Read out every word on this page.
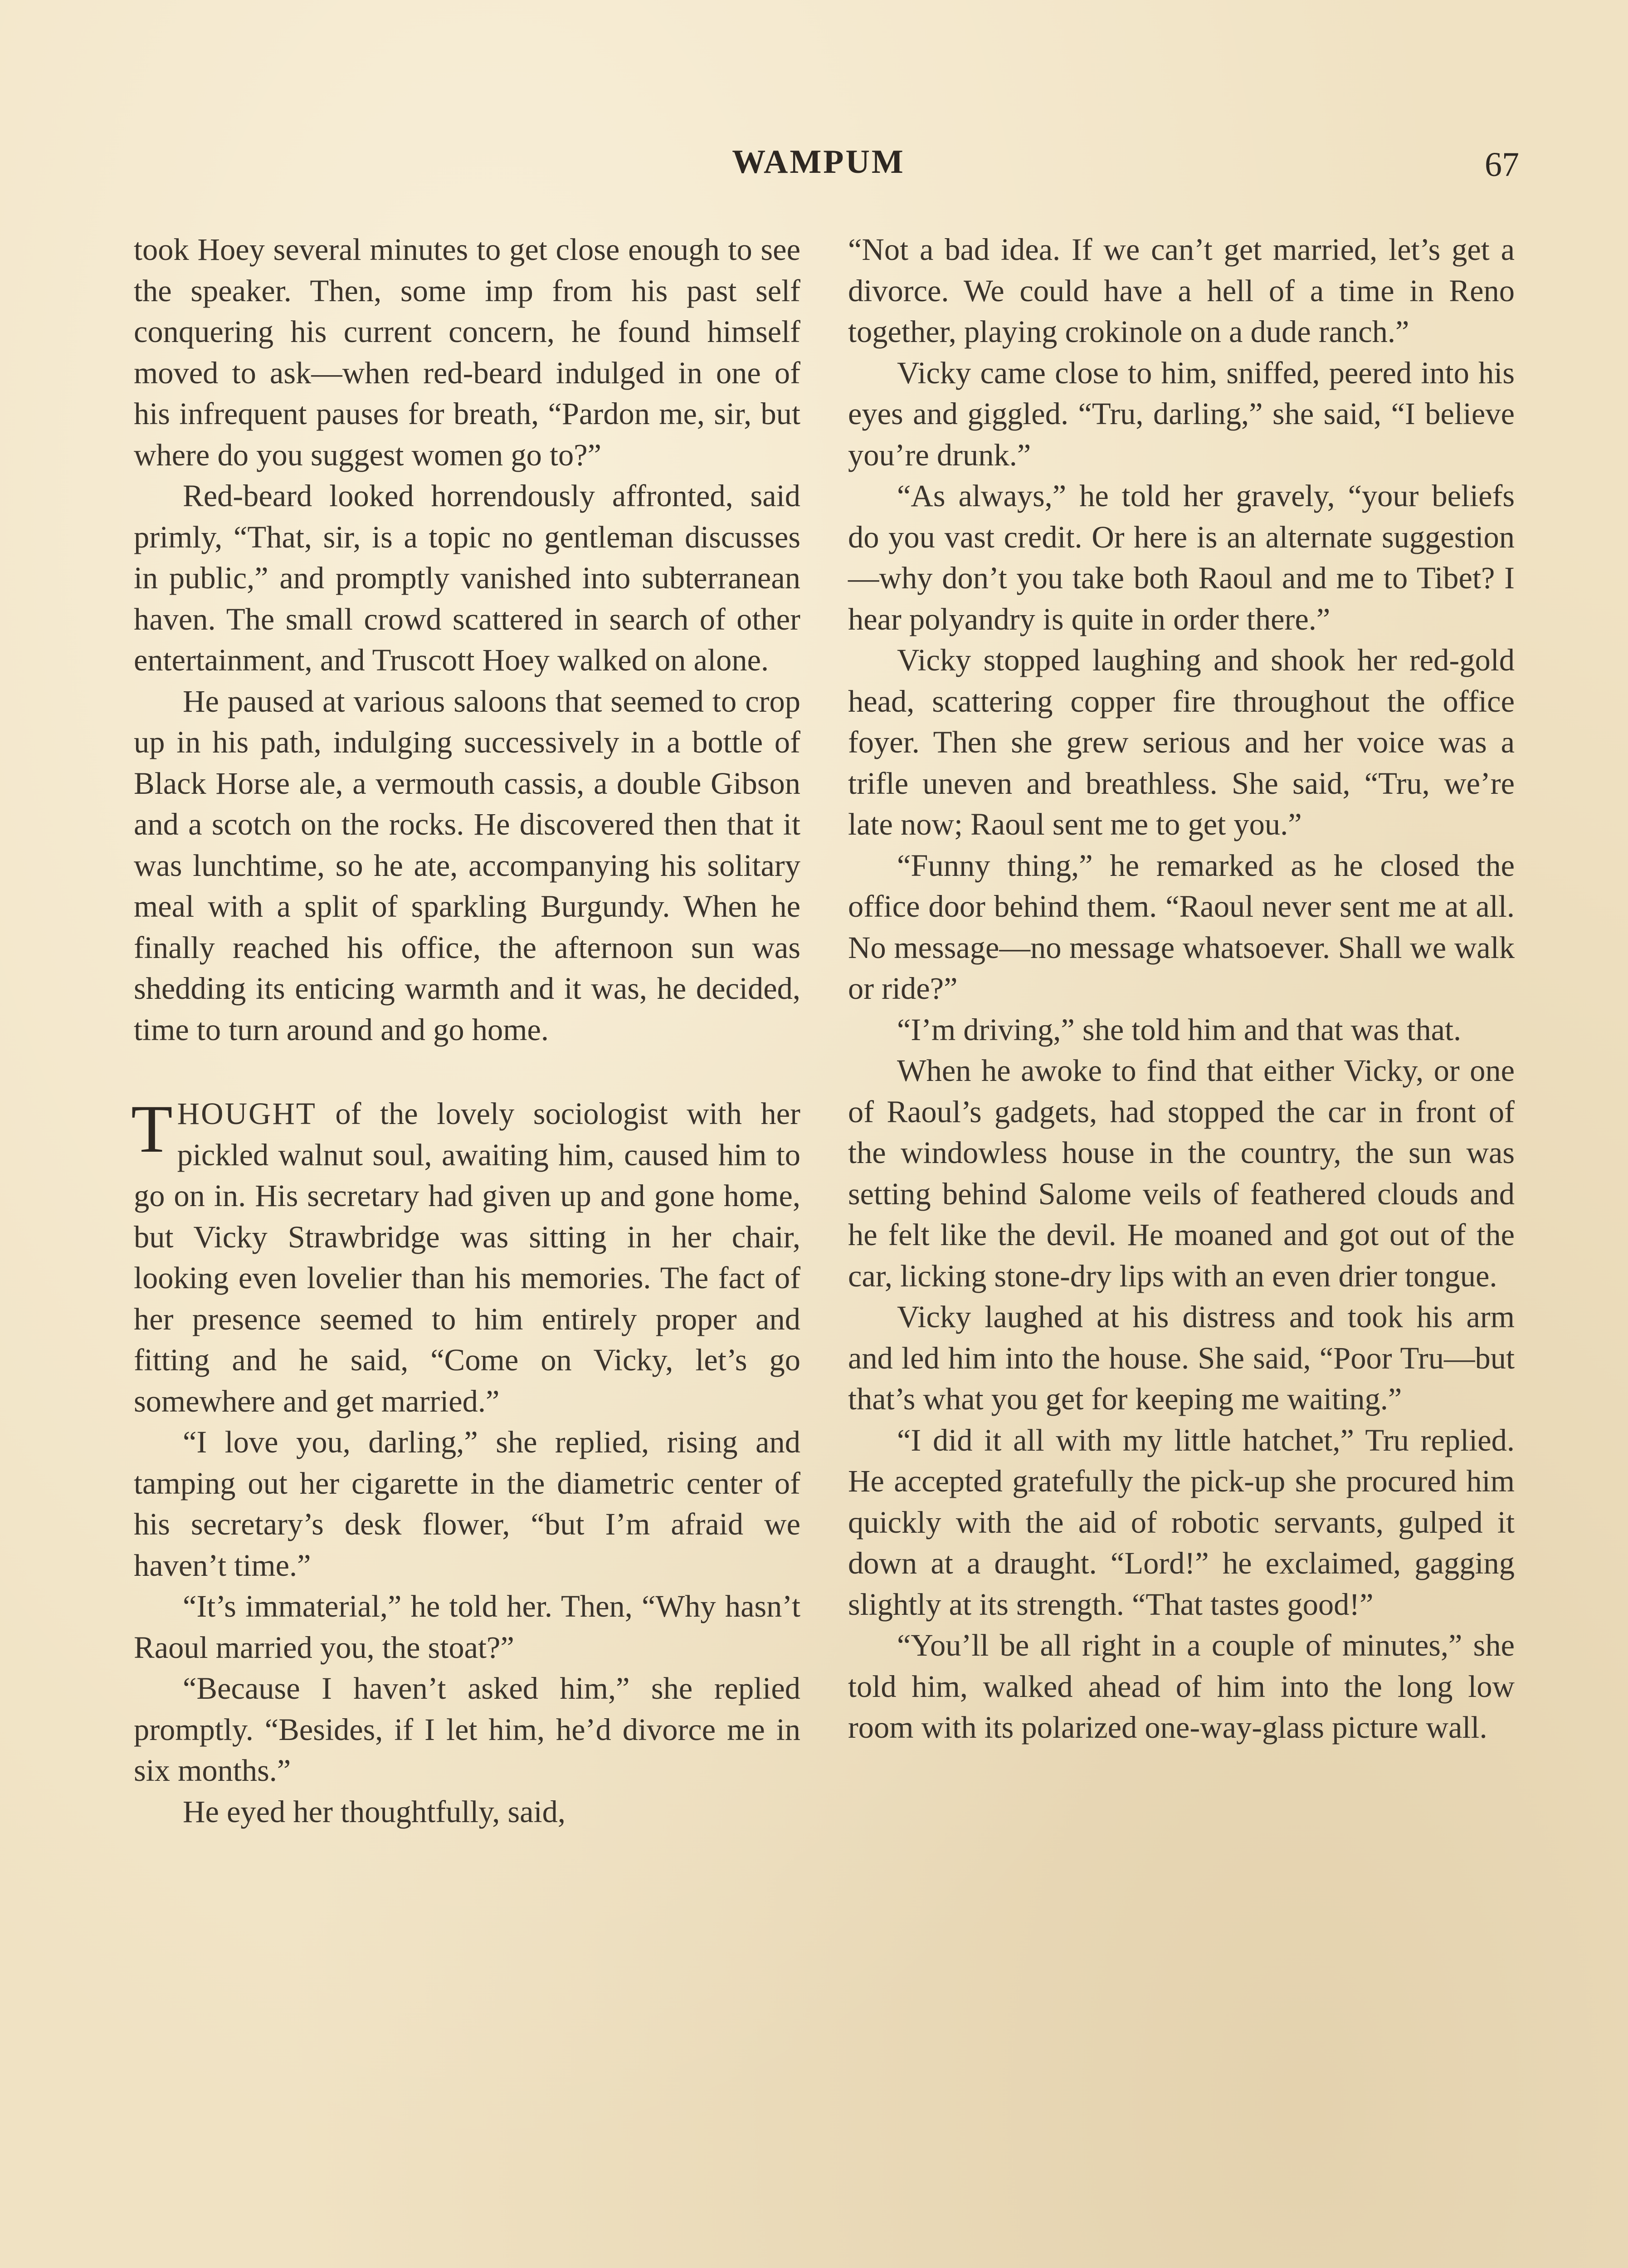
WAMPUM	67

took Hoey several minutes to get close enough to see the speaker. Then, some imp from his past self conquering his current concern, he found himself moved to ask—when red-beard indulged in one of his infrequent pauses for breath, “Pardon me, sir, but where do you suggest women go to?”

Red-beard looked horrendously affronted, said primly, “That, sir, is a topic no gentleman discusses in public,” and promptly vanished into subterranean haven. The small crowd scattered in search of other entertainment, and Truscott Hoey walked on alone.

He paused at various saloons that seemed to crop up in his path, indulging successively in a bottle of Black Horse ale, a vermouth cassis, a double Gibson and a scotch on the rocks. He discovered then that it was lunchtime, so he ate, accompanying his solitary meal with a split of sparkling Burgundy. When he finally reached his office, the afternoon sun was shedding its enticing warmth and it was, he decided, time to turn around and go home.

THOUGHT of the lovely sociologist with her pickled walnut soul, awaiting him, caused him to go on in. His secretary had given up and gone home, but Vicky Strawbridge was sitting in her chair, looking even lovelier than his memories. The fact of her presence seemed to him entirely proper and fitting and he said, “Come on Vicky, let’s go somewhere and get married.”

“I love you, darling,” she replied, rising and tamping out her cigarette in the diametric center of his secretary’s desk flower, “but I’m afraid we haven’t time.”

“It’s immaterial,” he told her. Then, “Why hasn’t Raoul married you, the stoat?”

“Because I haven’t asked him,” she replied promptly. “Besides, if I let him, he’d divorce me in six months.”

He eyed her thoughtfully, said,

“Not a bad idea. If we can’t get married, let’s get a divorce. We could have a hell of a time in Reno together, playing crokinole on a dude ranch.”

Vicky came close to him, sniffed, peered into his eyes and giggled. “Tru, darling,” she said, “I believe you’re drunk.”

“As always,” he told her gravely, “your beliefs do you vast credit. Or here is an alternate suggestion—why don’t you take both Raoul and me to Tibet? I hear polyandry is quite in order there.”

Vicky stopped laughing and shook her red-gold head, scattering copper fire throughout the office foyer. Then she grew serious and her voice was a trifle uneven and breathless. She said, “Tru, we’re late now; Raoul sent me to get you.”

“Funny thing,” he remarked as he closed the office door behind them. “Raoul never sent me at all. No message—no message whatsoever. Shall we walk or ride?”

“I’m driving,” she told him and that was that.

When he awoke to find that either Vicky, or one of Raoul’s gadgets, had stopped the car in front of the windowless house in the country, the sun was setting behind Salome veils of feathered clouds and he felt like the devil. He moaned and got out of the car, licking stone-dry lips with an even drier tongue.

Vicky laughed at his distress and took his arm and led him into the house. She said, “Poor Tru—but that’s what you get for keeping me waiting.”

“I did it all with my little hatchet,” Tru replied. He accepted gratefully the pick-up she procured him quickly with the aid of robotic servants, gulped it down at a draught. “Lord!” he exclaimed, gagging slightly at its strength. “That tastes good!”

“You’ll be all right in a couple of minutes,” she told him, walked ahead of him into the long low room with its polarized one-way-glass picture wall.
